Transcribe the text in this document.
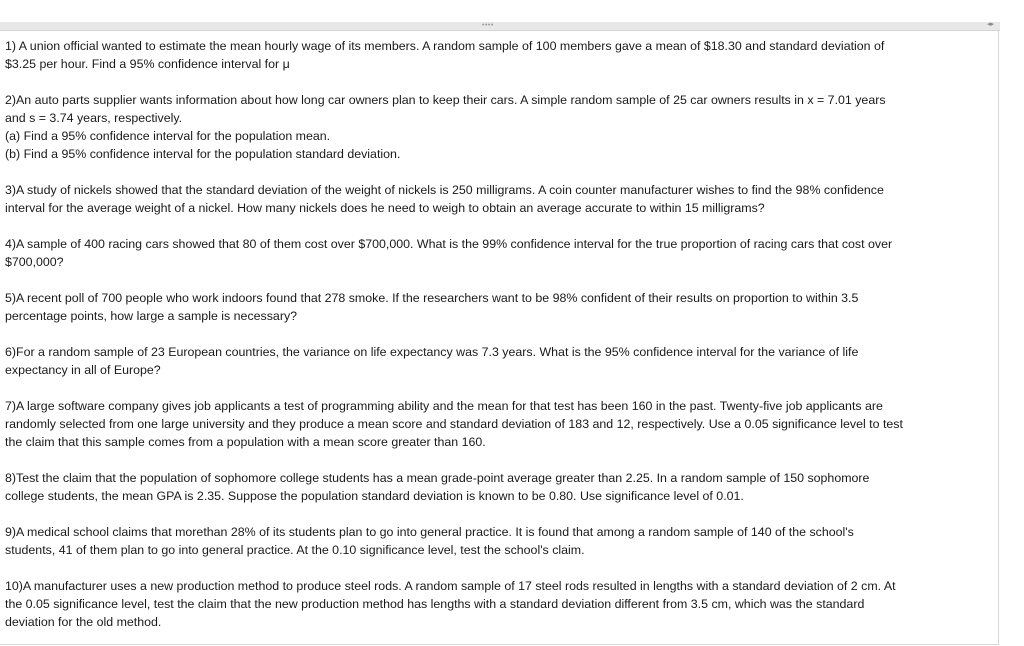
••••	◂▸
1) A union official wanted to estimate the mean hourly wage of its members. A random sample of 100 members gave a mean of $18.30 and standard deviation of
$3.25 per hour. Find a 95% confidence interval for μ
2)An auto parts supplier wants information about how long car owners plan to keep their cars. A simple random sample of 25 car owners results in x = 7.01 years
and s = 3.74 years, respectively.
(a) Find a 95% confidence interval for the population mean.
(b) Find a 95% confidence interval for the population standard deviation.
3)A study of nickels showed that the standard deviation of the weight of nickels is 250 milligrams. A coin counter manufacturer wishes to find the 98% confidence
interval for the average weight of a nickel. How many nickels does he need to weigh to obtain an average accurate to within 15 milligrams?
4)A sample of 400 racing cars showed that 80 of them cost over $700,000. What is the 99% confidence interval for the true proportion of racing cars that cost over
$700,000?
5)A recent poll of 700 people who work indoors found that 278 smoke. If the researchers want to be 98% confident of their results on proportion to within 3.5
percentage points, how large a sample is necessary?
6)For a random sample of 23 European countries, the variance on life expectancy was 7.3 years. What is the 95% confidence interval for the variance of life
expectancy in all of Europe?
7)A large software company gives job applicants a test of programming ability and the mean for that test has been 160 in the past. Twenty-five job applicants are
randomly selected from one large university and they produce a mean score and standard deviation of 183 and 12, respectively. Use a 0.05 significance level to test
the claim that this sample comes from a population with a mean score greater than 160.
8)Test the claim that the population of sophomore college students has a mean grade-point average greater than 2.25. In a random sample of 150 sophomore
college students, the mean GPA is 2.35. Suppose the population standard deviation is known to be 0.80. Use significance level of 0.01.
9)A medical school claims that morethan 28% of its students plan to go into general practice. It is found that among a random sample of 140 of the school's
students, 41 of them plan to go into general practice. At the 0.10 significance level, test the school's claim.
10)A manufacturer uses a new production method to produce steel rods. A random sample of 17 steel rods resulted in lengths with a standard deviation of 2 cm. At
the 0.05 significance level, test the claim that the new production method has lengths with a standard deviation different from 3.5 cm, which was the standard
deviation for the old method.
